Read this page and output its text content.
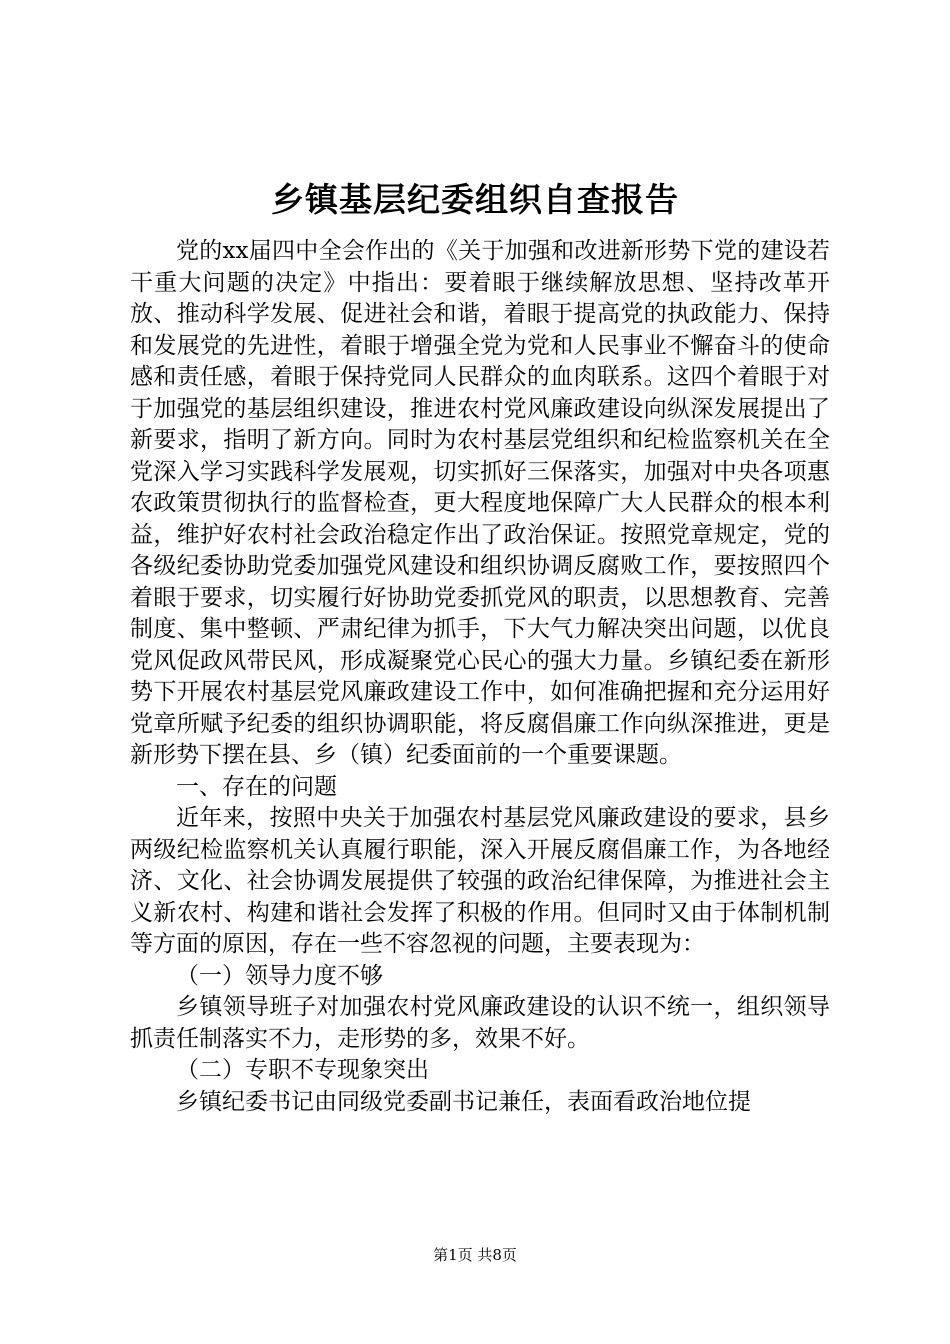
乡镇基层纪委组织自查报告

党的xx届四中全会作出的《关于加强和改进新形势下党的建设若干重大问题的决定》中指出：要着眼于继续解放思想、坚持改革开放、推动科学发展、促进社会和谐，着眼于提高党的执政能力、保持和发展党的先进性，着眼于增强全党为党和人民事业不懈奋斗的使命感和责任感，着眼于保持党同人民群众的血肉联系。这四个着眼于对于加强党的基层组织建设，推进农村党风廉政建设向纵深发展提出了新要求，指明了新方向。同时为农村基层党组织和纪检监察机关在全党深入学习实践科学发展观，切实抓好三保落实，加强对中央各项惠农政策贯彻执行的监督检查，更大程度地保障广大人民群众的根本利益，维护好农村社会政治稳定作出了政治保证。按照党章规定，党的各级纪委协助党委加强党风建设和组织协调反腐败工作，要按照四个着眼于要求，切实履行好协助党委抓党风的职责，以思想教育、完善制度、集中整顿、严肃纪律为抓手，下大气力解决突出问题，以优良党风促政风带民风，形成凝聚党心民心的强大力量。乡镇纪委在新形势下开展农村基层党风廉政建设工作中，如何准确把握和充分运用好党章所赋予纪委的组织协调职能，将反腐倡廉工作向纵深推进，更是新形势下摆在县、乡（镇）纪委面前的一个重要课题。

一、存在的问题

近年来，按照中央关于加强农村基层党风廉政建设的要求，县乡两级纪检监察机关认真履行职能，深入开展反腐倡廉工作，为各地经济、文化、社会协调发展提供了较强的政治纪律保障，为推进社会主义新农村、构建和谐社会发挥了积极的作用。但同时又由于体制机制等方面的原因，存在一些不容忽视的问题，主要表现为：

（一）领导力度不够

乡镇领导班子对加强农村党风廉政建设的认识不统一，组织领导抓责任制落实不力，走形势的多，效果不好。

（二）专职不专现象突出

乡镇纪委书记由同级党委副书记兼任，表面看政治地位提

第1页 共8页
